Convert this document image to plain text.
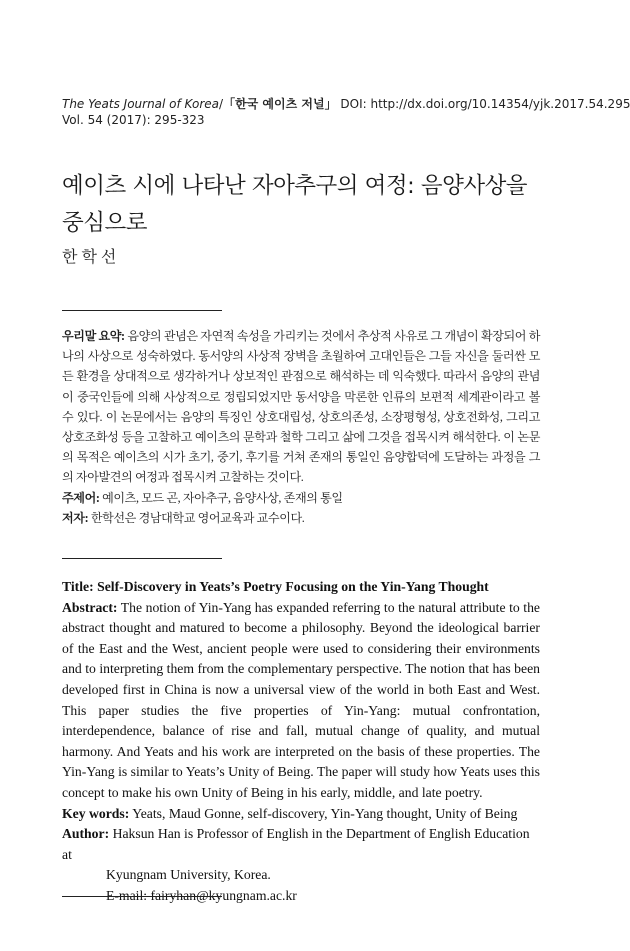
The Yeats Journal of Korea/「한국 예이츠 저널」 DOI: http://dx.doi.org/10.14354/yjk.2017.54.295
Vol. 54 (2017): 295-323
예이츠 시에 나타난 자아추구의 여정: 음양사상을 중심으로
한학선

우리말 요약: 음양의 관념은 자연적 속성을 가리키는 것에서 추상적 사유로 그 개념이 확장되어 하나의 사상으로 성숙하였다. 동서양의 사상적 장벽을 초월하여 고대인들은 그들 자신을 둘러싼 모든 환경을 상대적으로 생각하거나 상보적인 관점으로 해석하는 데 익숙했다. 따라서 음양의 관념이 중국인들에 의해 사상적으로 정립되었지만 동서양을 막론한 인류의 보편적 세계관이라고 볼 수 있다. 이 논문에서는 음양의 특징인 상호대립성, 상호의존성, 소장평형성, 상호전화성, 그리고 상호조화성 등을 고찰하고 예이츠의 문학과 철학 그리고 삶에 그것을 접목시켜 해석한다. 이 논문의 목적은 예이츠의 시가 초기, 중기, 후기를 거쳐 존재의 통일인 음양합덕에 도달하는 과정을 그의 자아발견의 여정과 접목시켜 고찰하는 것이다.

주제어: 예이츠, 모드 곤, 자아추구, 음양사상, 존재의 통일

저자: 한학선은 경남대학교 영어교육과 교수이다.

Title: Self-Discovery in Yeats’s Poetry Focusing on the Yin-Yang Thought

Abstract: The notion of Yin-Yang has expanded referring to the natural attribute to the abstract thought and matured to become a philosophy. Beyond the ideological barrier of the East and the West, ancient people were used to considering their environments and to interpreting them from the complementary perspective. The notion that has been developed first in China is now a universal view of the world in both East and West. This paper studies the five properties of Yin-Yang: mutual confrontation, interdependence, balance of rise and fall, mutual change of quality, and mutual harmony. And Yeats and his work are interpreted on the basis of these properties. The Yin-Yang is similar to Yeats’s Unity of Being. The paper will study how Yeats uses this concept to make his own Unity of Being in his early, middle, and late poetry.

Key words: Yeats, Maud Gonne, self-discovery, Yin-Yang thought, Unity of Being

Author: Haksun Han is Professor of English in the Department of English Education at

Kyungnam University, Korea.

E-mail: fairyhan@kyungnam.ac.kr
